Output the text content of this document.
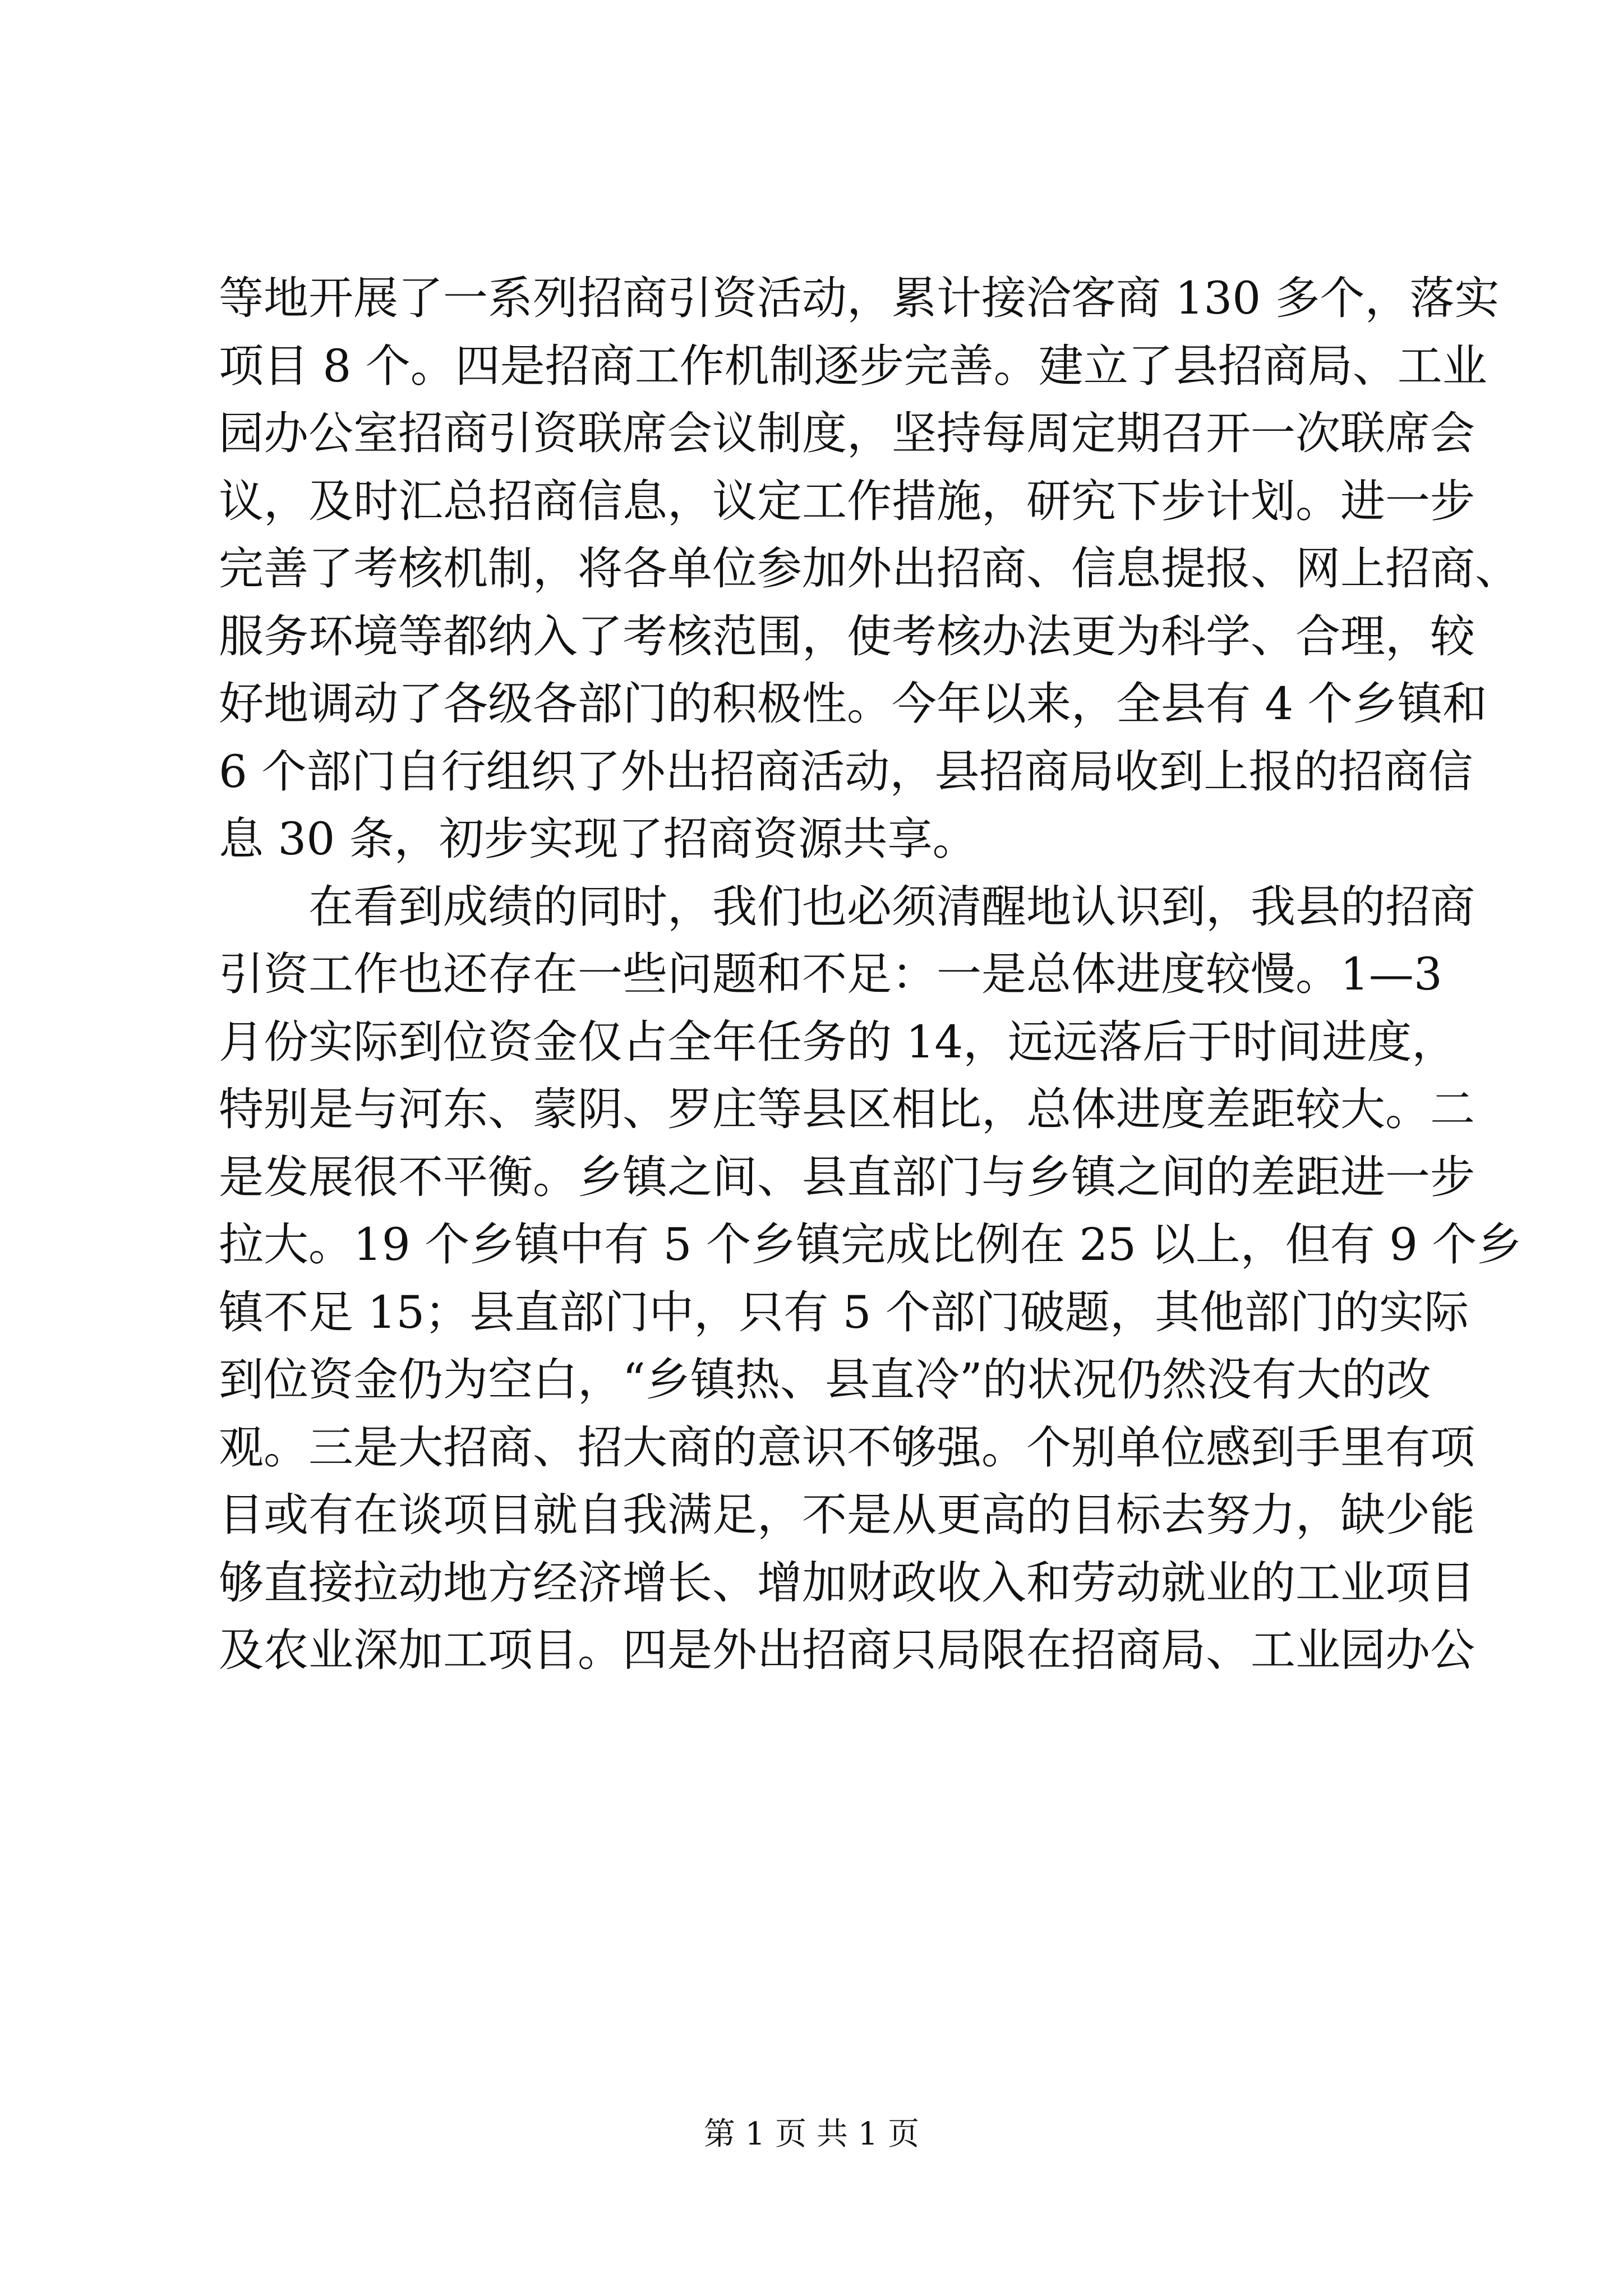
等地开展了一系列招商引资活动，累计接洽客商 130 多个，落实
项目 8 个。四是招商工作机制逐步完善。建立了县招商局、工业
园办公室招商引资联席会议制度，坚持每周定期召开一次联席会
议，及时汇总招商信息，议定工作措施，研究下步计划。进一步
完善了考核机制，将各单位参加外出招商、信息提报、网上招商、
服务环境等都纳入了考核范围，使考核办法更为科学、合理，较
好地调动了各级各部门的积极性。今年以来，全县有 4 个乡镇和
6 个部门自行组织了外出招商活动，县招商局收到上报的招商信
息 30 条，初步实现了招商资源共享。
在看到成绩的同时，我们也必须清醒地认识到，我县的招商
引资工作也还存在一些问题和不足：一是总体进度较慢。1—3
月份实际到位资金仅占全年任务的 14，远远落后于时间进度，
特别是与河东、蒙阴、罗庄等县区相比，总体进度差距较大。二
是发展很不平衡。乡镇之间、县直部门与乡镇之间的差距进一步
拉大。19 个乡镇中有 5 个乡镇完成比例在 25 以上，但有 9 个乡
镇不足 15；县直部门中，只有 5 个部门破题，其他部门的实际
到位资金仍为空白，“乡镇热、县直冷”的状况仍然没有大的改
观。三是大招商、招大商的意识不够强。个别单位感到手里有项
目或有在谈项目就自我满足，不是从更高的目标去努力，缺少能
够直接拉动地方经济增长、增加财政收入和劳动就业的工业项目
及农业深加工项目。四是外出招商只局限在招商局、工业园办公
第 1 页 共 1 页
